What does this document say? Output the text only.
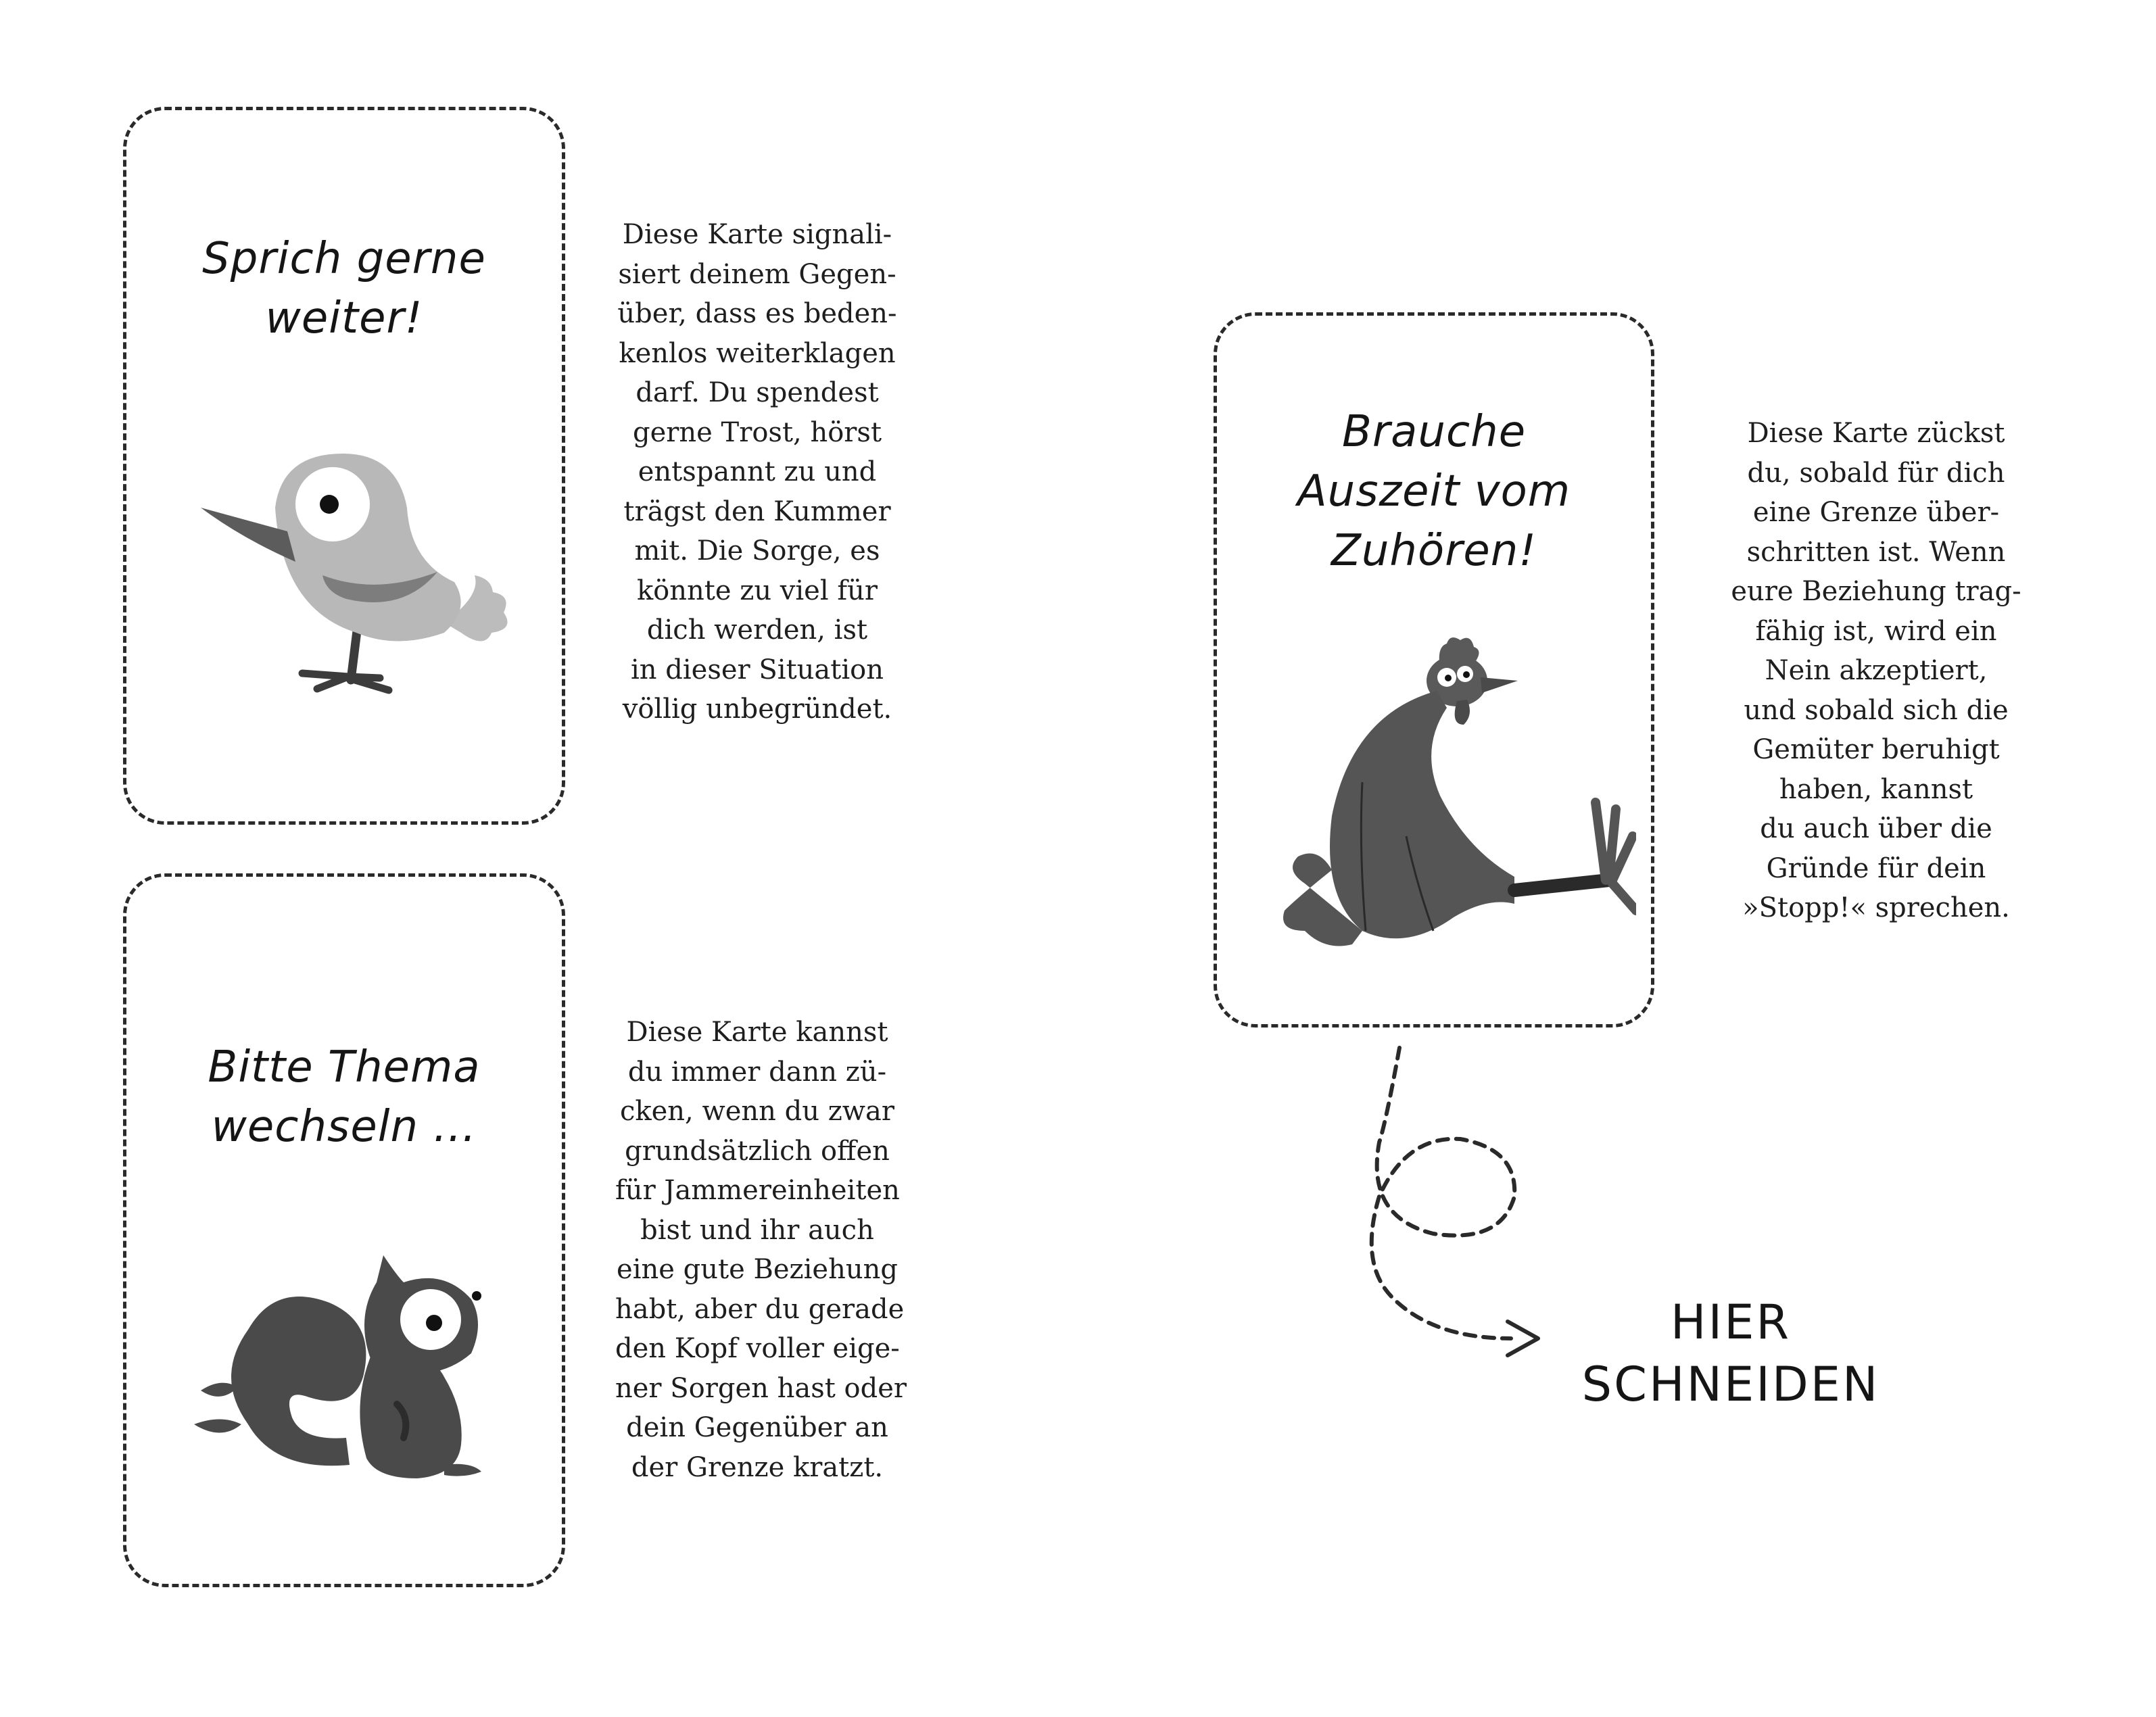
Sprich gerne
weiter!
Diese Karte signali-
siert deinem Gegen-
über, dass es beden-
kenlos weiterklagen
darf. Du spendest
gerne Trost, hörst
entspannt zu und
trägst den Kummer
mit. Die Sorge, es
könnte zu viel für
dich werden, ist
in dieser Situation
völlig unbegründet.
Bitte Thema
wechseln …
Diese Karte kannst
du immer dann zü-
cken, wenn du zwar
grundsätzlich offen
für Jammereinheiten
bist und ihr auch
eine gute Beziehung
habt, aber du gerade
den Kopf voller eige-
ner Sorgen hast oder
dein Gegenüber an
der Grenze kratzt.
Brauche
Auszeit vom
Zuhören!
Diese Karte zückst
du, sobald für dich
eine Grenze über-
schritten ist. Wenn
eure Beziehung trag-
fähig ist, wird ein
Nein akzeptiert,
und sobald sich die
Gemüter beruhigt
haben, kannst
du auch über die
Gründe für dein
»Stopp!« sprechen.
HIER
SCHNEIDEN
